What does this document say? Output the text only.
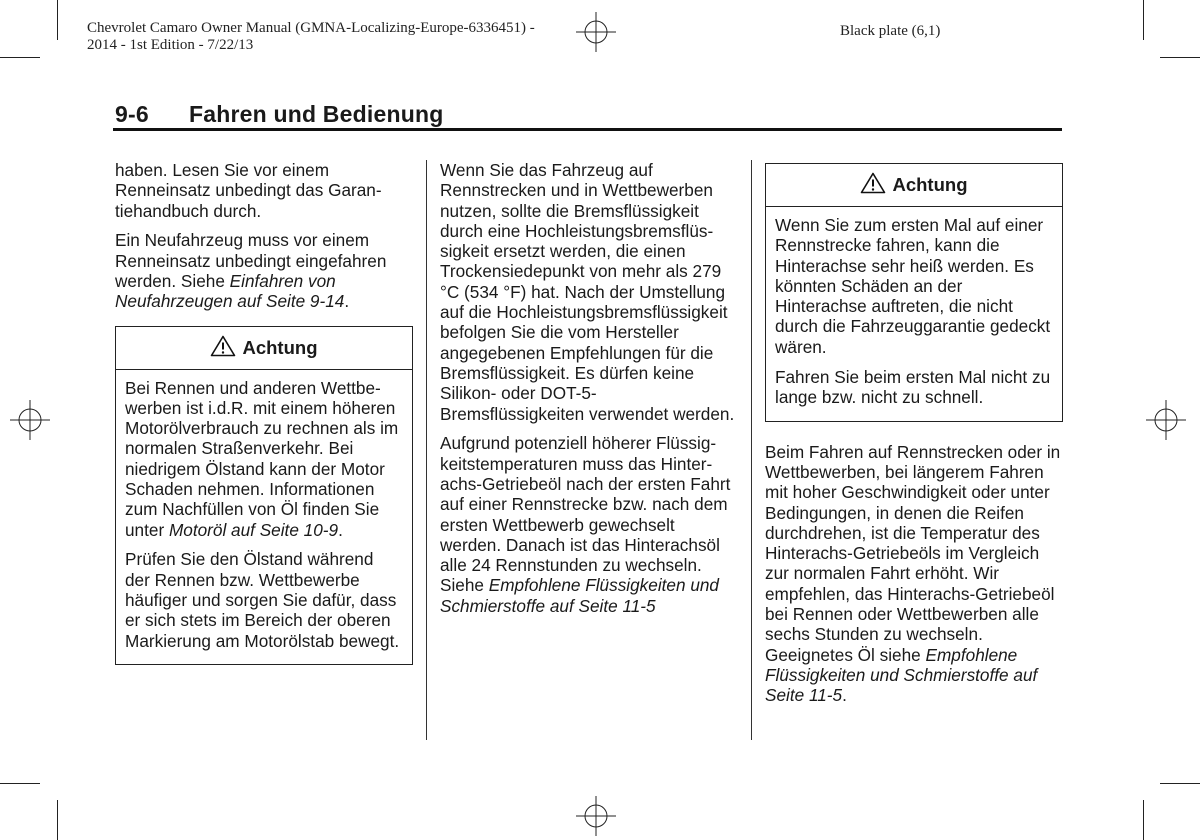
Chevrolet Camaro Owner Manual (GMNA-Localizing-Europe-6336451) -
2014 - 1st Edition - 7/22/13
Black plate (6,1)
9-6 Fahren und Bedienung

haben. Lesen Sie vor einem Renneinsatz unbedingt das Garantiehandbuch durch.

Ein Neufahrzeug muss vor einem Renneinsatz unbedingt eingefahren werden. Siehe Einfahren von Neufahrzeugen auf Seite 9‑14.

Achtung

Bei Rennen und anderen Wettbewerben ist i.d.R. mit einem höheren Motorölverbrauch zu rechnen als im normalen Straßenverkehr. Bei niedrigem Ölstand kann der Motor Schaden nehmen. Informationen zum Nachfüllen von Öl finden Sie unter Motoröl auf Seite 10‑9.

Prüfen Sie den Ölstand während der Rennen bzw. Wettbewerbe häufiger und sorgen Sie dafür, dass er sich stets im Bereich der oberen Markierung am Motorölstab bewegt.

Wenn Sie das Fahrzeug auf Rennstrecken und in Wettbewerben nutzen, sollte die Bremsflüssigkeit durch eine Hochleistungsbremsflüssigkeit ersetzt werden, die einen Trockensiedepunkt von mehr als 279 °C (534 °F) hat. Nach der Umstellung auf die Hochleistungsbremsflüssigkeit befolgen Sie die vom Hersteller angegebenen Empfehlungen für die Bremsflüssigkeit. Es dürfen keine Silikon- oder DOT-5-Bremsflüssigkeiten verwendet werden.

Aufgrund potenziell höherer Flüssigkeitstemperaturen muss das Hinterachs-Getriebeöl nach der ersten Fahrt auf einer Rennstrecke bzw. nach dem ersten Wettbewerb gewechselt werden. Danach ist das Hinterachsöl alle 24 Rennstunden zu wechseln. Siehe Empfohlene Flüssigkeiten und Schmierstoffe auf Seite 11‑5

Achtung

Wenn Sie zum ersten Mal auf einer Rennstrecke fahren, kann die Hinterachse sehr heiß werden. Es könnten Schäden an der Hinterachse auftreten, die nicht durch die Fahrzeuggarantie gedeckt wären.

Fahren Sie beim ersten Mal nicht zu lange bzw. nicht zu schnell.

Beim Fahren auf Rennstrecken oder in Wettbewerben, bei längerem Fahren mit hoher Geschwindigkeit oder unter Bedingungen, in denen die Reifen durchdrehen, ist die Temperatur des Hinterachs-Getriebeöls im Vergleich zur normalen Fahrt erhöht. Wir empfehlen, das Hinterachs-Getriebeöl bei Rennen oder Wettbewerben alle sechs Stunden zu wechseln. Geeignetes Öl siehe Empfohlene Flüssigkeiten und Schmierstoffe auf Seite 11‑5.
